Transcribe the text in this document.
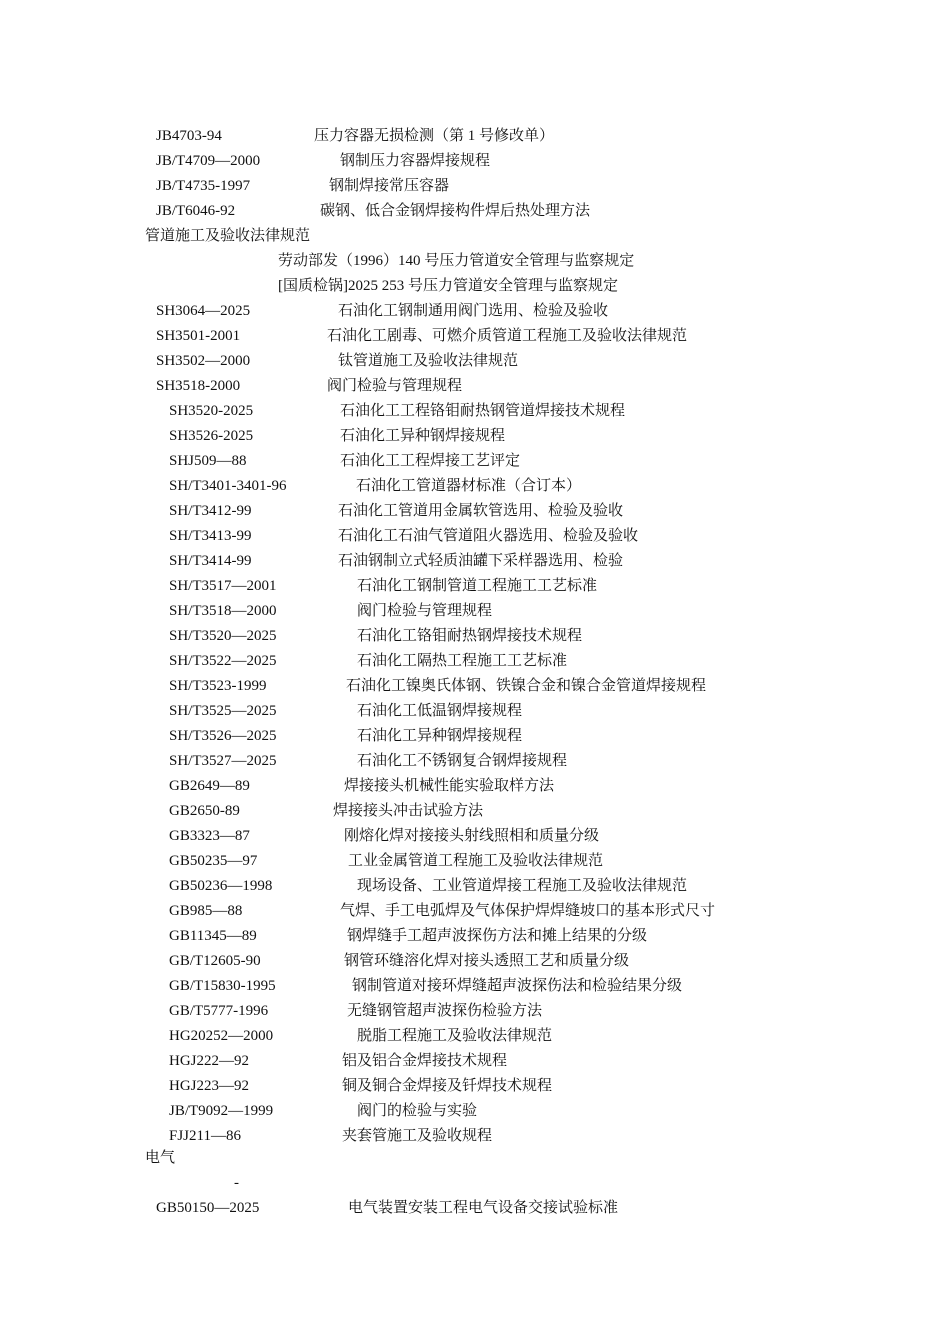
JB4703-94	压力容器无损检测（第 1 号修改单）
JB/T4709—2000	钢制压力容器焊接规程
JB/T4735-1997	钢制焊接常压容器
JB/T6046-92	碳钢、低合金钢焊接构件焊后热处理方法
管道施工及验收法律规范
劳动部发（1996）140 号压力管道安全管理与监察规定
[国质检锅]2025 253 号压力管道安全管理与监察规定
SH3064—2025	石油化工钢制通用阀门选用、检验及验收
SH3501-2001	石油化工剧毒、可燃介质管道工程施工及验收法律规范
SH3502—2000	钛管道施工及验收法律规范
SH3518-2000	阀门检验与管理规程
SH3520-2025	石油化工工程铬钼耐热钢管道焊接技术规程
SH3526-2025	石油化工异种钢焊接规程
SHJ509—88	石油化工工程焊接工艺评定
SH/T3401-3401-96	石油化工管道器材标准（合订本）
SH/T3412-99	石油化工管道用金属软管选用、检验及验收
SH/T3413-99	石油化工石油气管道阻火器选用、检验及验收
SH/T3414-99	石油钢制立式轻质油罐下采样器选用、检验
SH/T3517—2001	石油化工钢制管道工程施工工艺标准
SH/T3518—2000	阀门检验与管理规程
SH/T3520—2025	石油化工铬钼耐热钢焊接技术规程
SH/T3522—2025	石油化工隔热工程施工工艺标准
SH/T3523-1999	石油化工镍奥氏体钢、铁镍合金和镍合金管道焊接规程
SH/T3525—2025	石油化工低温钢焊接规程
SH/T3526—2025	石油化工异种钢焊接规程
SH/T3527—2025	石油化工不锈钢复合钢焊接规程
GB2649—89	焊接接头机械性能实验取样方法
GB2650-89	焊接接头冲击试验方法
GB3323—87	刚熔化焊对接接头射线照相和质量分级
GB50235—97	工业金属管道工程施工及验收法律规范
GB50236—1998	现场设备、工业管道焊接工程施工及验收法律规范
GB985—88	气焊、手工电弧焊及气体保护焊焊缝坡口的基本形式尺寸
GB11345—89	钢焊缝手工超声波探伤方法和摊上结果的分级
GB/T12605-90	钢管环缝溶化焊对接头透照工艺和质量分级
GB/T15830-1995	钢制管道对接环焊缝超声波探伤法和检验结果分级
GB/T5777-1996	无缝钢管超声波探伤检验方法
HG20252—2000	脱脂工程施工及验收法律规范
HGJ222—92	铝及铝合金焊接技术规程
HGJ223—92	铜及铜合金焊接及钎焊技术规程
JB/T9092—1999	阀门的检验与实验
FJJ211—86	夹套管施工及验收规程
电气
-
GB50150—2025	电气装置安装工程电气设备交接试验标准
